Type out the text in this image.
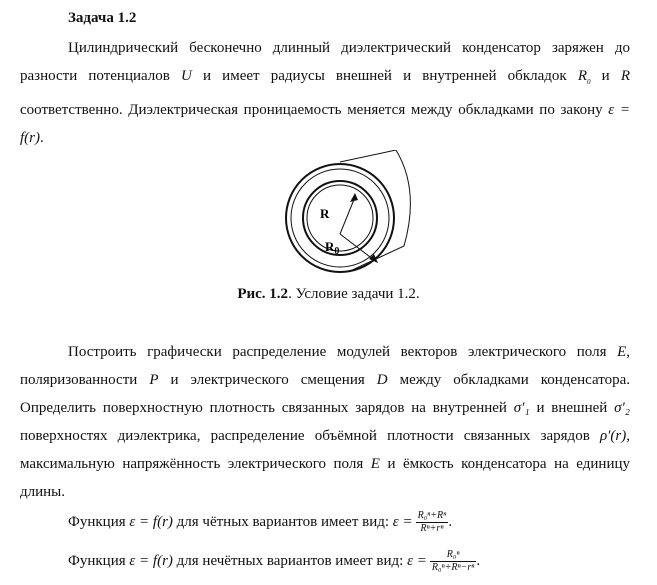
Задача 1.2
Цилиндрический бесконечно длинный диэлектрический конденсатор заряжен до разности потенциалов U и имеет радиусы внешней и внутренней обкладок $R_0$ и R соответственно. Диэлектрическая проницаемость меняется между обкладками по закону ε = f(r).
R
$R_0$
Рис. 1.2. Условие задачи 1.2.
Построить графически распределение модулей векторов электрического поля E, поляризованности P и электрического смещения D между обкладками конденсатора. Определить поверхностную плотность связанных зарядов на внутренней σ′₁ и внешней σ′₂ поверхностях диэлектрика, распределение объёмной плотности связанных зарядов ρ′(r), максимальную напряжённость электрического поля E и ёмкость конденсатора на единицу длины.
Функция ε = f(r) для чётных вариантов имеет вид: $\varepsilon = \frac{\text{R₀ⁿ+Rⁿ}}{\text{Rⁿ+rⁿ}}$ .
Функция ε = f(r) для нечётных вариантов имеет вид: $\varepsilon = \frac{\text{R₀ⁿ}}{\text{R₀ⁿ+Rⁿ−rⁿ}}$ .
